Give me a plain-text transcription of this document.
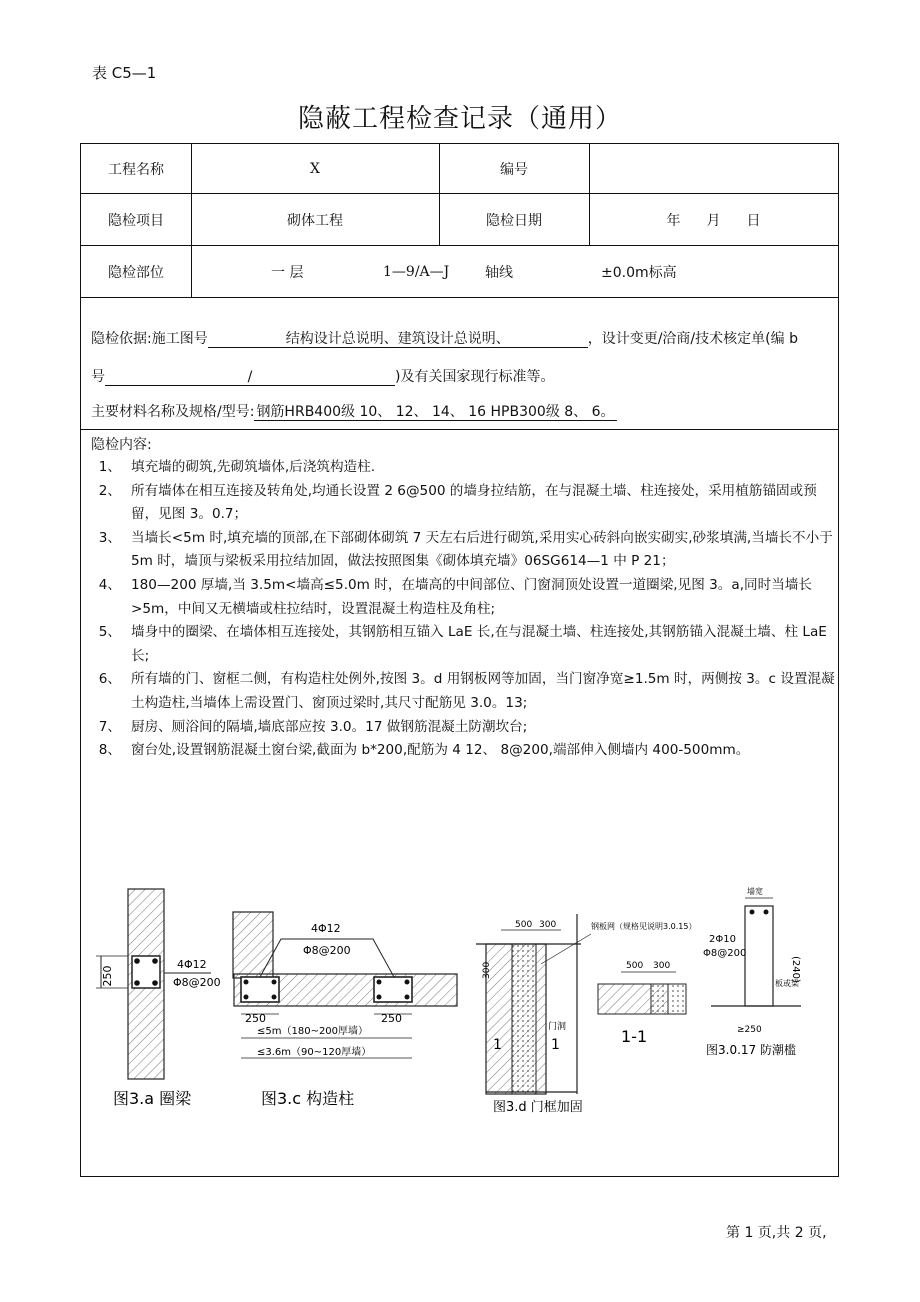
表 C5—1
隐蔽工程检查记录（通用）
工程名称	X	编号
隐检项目	砌体工程	隐检日期	年 月 日
隐检部位	一 层	1—9/A—J	轴线	±0.0m标高
隐检依据:施工图号	结构设计总说明、建筑设计总说明、	，设计变更/洽商/技术核定单(编 b
号	/	)及有关国家现行标准等。
主要材料名称及规格/型号: 钢筋HRB400级 10、 12、 14、 16 HPB300级 8、 6。
隐检内容:
1、 填充墙的砌筑,先砌筑墙体,后浇筑构造柱.
2、 所有墙体在相互连接及转角处,均通长设置 2 6@500 的墙身拉结筋，在与混凝土墙、柱连接处，采用植筋锚固或预留，见图 3。0.7；
3、 当墙长<5m 时,填充墙的顶部,在下部砌体砌筑 7 天左右后进行砌筑,采用实心砖斜向嵌实砌实,砂浆填满,当墙长不小于 5m 时，墙顶与梁板采用拉结加固，做法按照图集《砌体填充墙》06SG614—1 中 P 21；
4、 180—200 厚墙,当 3.5m<墙高≤5.0m 时，在墙高的中间部位、门窗洞顶处设置一道圈梁,见图 3。a,同时当墙长>5m，中间又无横墙或柱拉结时，设置混凝土构造柱及角柱;
5、 墙身中的圈梁、在墙体相互连接处，其钢筋相互锚入 LaE 长,在与混凝土墙、柱连接处,其钢筋锚入混凝土墙、柱 LaE 长;
6、 所有墙的门、窗框二侧，有构造柱处例外,按图 3。d 用钢板网等加固，当门窗净宽≥1.5m 时，两侧按 3。c 设置混凝土构造柱,当墙体上需设置门、窗顶过梁时,其尺寸配筋见 3.0。13;
7、 厨房、厕浴间的隔墙,墙底部应按 3.0。17 做钢筋混凝土防潮坎台;
8、 窗台处,设置钢筋混凝土窗台梁,截面为 b*200,配筋为 4 12、 8@200,端部伸入侧墙内 400-500mm。
250
4Φ12
Φ8@200
图3.a 圈梁
4Φ12
Φ8@200
250	250
≤5m（180~200厚墙）
≤3.6m（90~120厚墙）
图3.c 构造柱
500 300
300
钢板网（规格见说明3.0.15）
门洞
1	1
500 300
1-1
图3.d 门框加固
墙宽
2Φ10
Φ8@200
(240)
板或梁
≥250
图3.0.17 防潮槛
第 1 页,共 2 页,
